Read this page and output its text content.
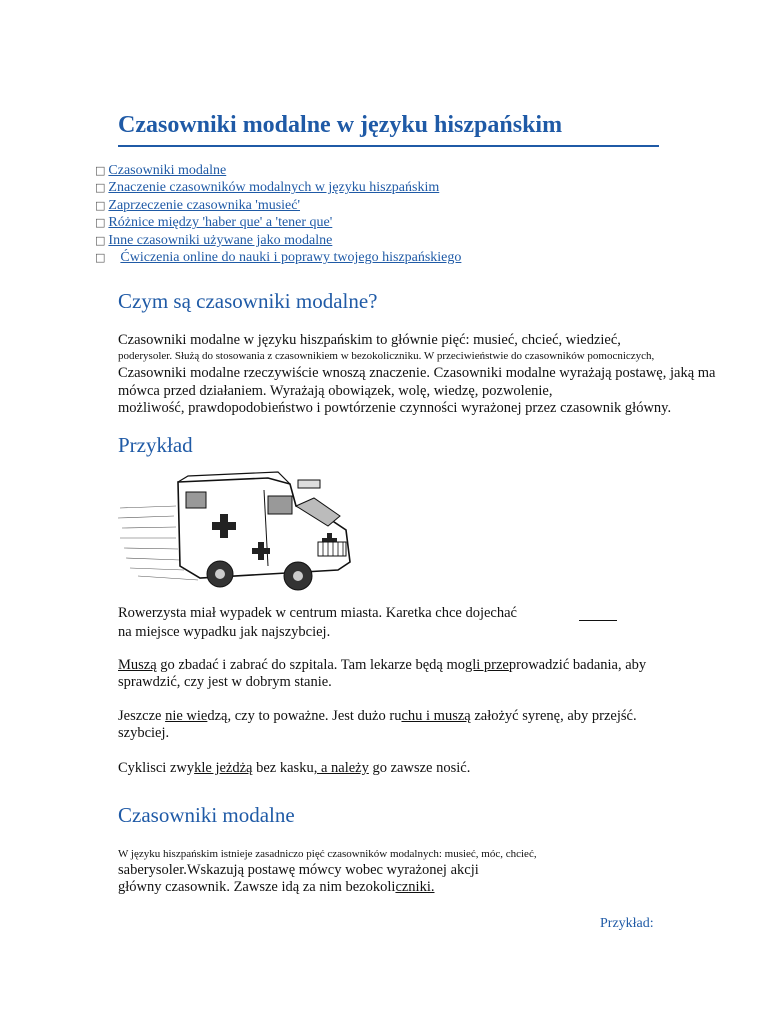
Czasowniki modalne w języku hiszpańskim
□ Czasowniki modalne
□ Znaczenie czasowników modalnych w języku hiszpańskim
□ Zaprzeczenie czasownika 'musieć'
□ Różnice między 'haber que' a 'tener que'
□ Inne czasowniki używane jako modalne
□ Ćwiczenia online do nauki i poprawy twojego hiszpańskiego
Czym są czasowniki modalne?
Czasowniki modalne w języku hiszpańskim to głównie pięć: musieć, chcieć, wiedzieć,
poderysoler. Służą do stosowania z czasownikiem w bezokoliczniku. W przeciwieństwie do czasowników pomocniczych,
Czasowniki modalne rzeczywiście wnoszą znaczenie. Czasowniki modalne wyrażają postawę, jaką ma
mówca przed działaniem. Wyrażają obowiązek, wolę, wiedzę, pozwolenie,
możliwość, prawdopodobieństwo i powtórzenie czynności wyrażonej przez czasownik główny.
Przykład
Rowerzysta miał wypadek w centrum miasta. Karetka chce dojechać
na miejsce wypadku jak najszybciej.
Muszą go zbadać i zabrać do szpitala. Tam lekarze będą mogli przeprowadzić badania, aby
sprawdzić, czy jest w dobrym stanie.
Jeszcze nie wiedzą, czy to poważne. Jest dużo ruchu i muszą założyć syrenę, aby przejść.
szybciej.
Cyklisci zwykle jeżdżą bez kasku, a należy go zawsze nosić.
Czasowniki modalne
W języku hiszpańskim istnieje zasadniczo pięć czasowników modalnych: musieć, móc, chcieć,
saberysoler.Wskazują postawę mówcy wobec wyrażonej akcji
główny czasownik. Zawsze idą za nim bezokoliczniki.
Przykład:
